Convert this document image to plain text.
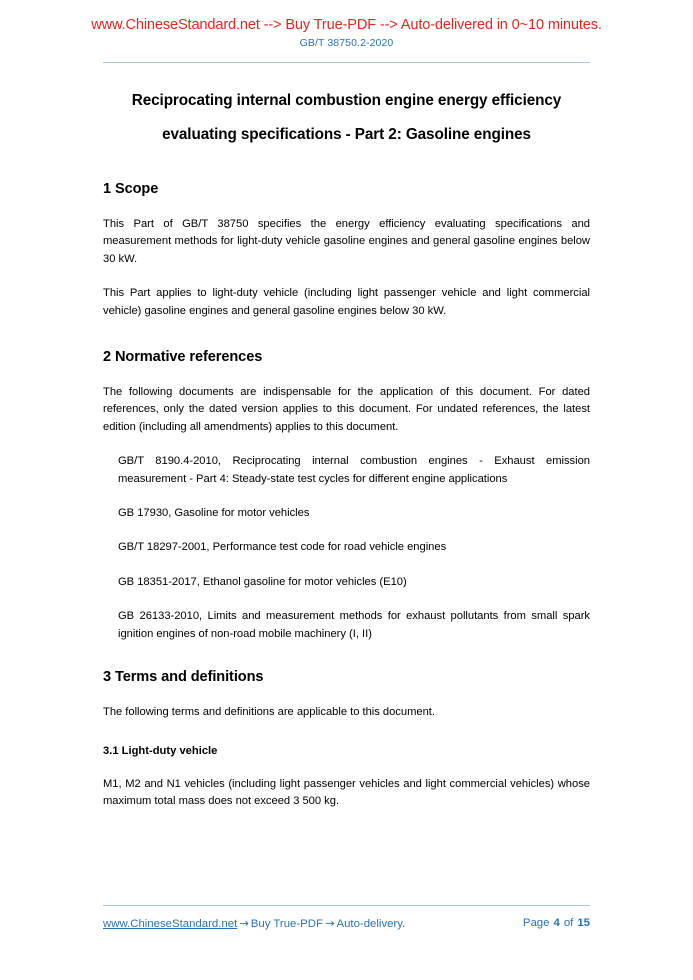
www.ChineseStandard.net --> Buy True-PDF --> Auto-delivered in 0~10 minutes.
GB/T 38750.2-2020
Reciprocating internal combustion engine energy efficiency evaluating specifications - Part 2: Gasoline engines
1 Scope

This Part of GB/T 38750 specifies the energy efficiency evaluating specifications and measurement methods for light-duty vehicle gasoline engines and general gasoline engines below 30 kW.

This Part applies to light-duty vehicle (including light passenger vehicle and light commercial vehicle) gasoline engines and general gasoline engines below 30 kW.

2 Normative references

The following documents are indispensable for the application of this document. For dated references, only the dated version applies to this document. For undated references, the latest edition (including all amendments) applies to this document.

GB/T 8190.4-2010, Reciprocating internal combustion engines - Exhaust emission measurement - Part 4: Steady-state test cycles for different engine applications

GB 17930, Gasoline for motor vehicles

GB/T 18297-2001, Performance test code for road vehicle engines

GB 18351-2017, Ethanol gasoline for motor vehicles (E10)

GB 26133-2010, Limits and measurement methods for exhaust pollutants from small spark ignition engines of non-road mobile machinery (I, II)

3 Terms and definitions

The following terms and definitions are applicable to this document.

3.1 Light-duty vehicle

M1, M2 and N1 vehicles (including light passenger vehicles and light commercial vehicles) whose maximum total mass does not exceed 3 500 kg.

www.ChineseStandard.net → Buy True-PDF → Auto-delivery.	Page 4 of 15
